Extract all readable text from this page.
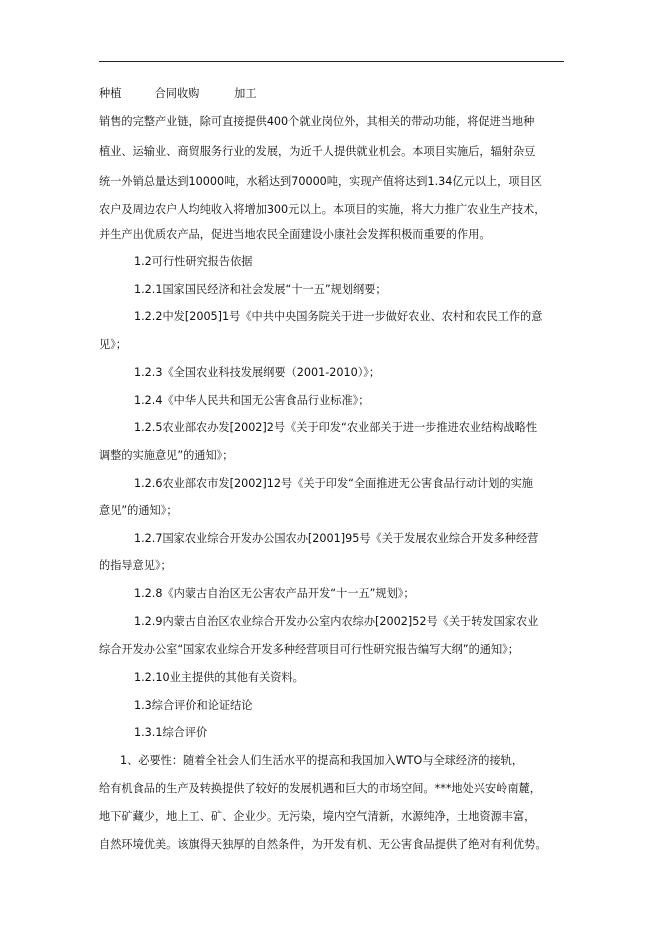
种植	合同收购	加工
销售的完整产业链，除可直接提供400个就业岗位外，其相关的带动功能，将促进当地种
植业、运输业、商贸服务行业的发展，为近千人提供就业机会。本项目实施后，辐射杂豆
统一外销总量达到10000吨，水稻达到70000吨，实现产值将达到1.34亿元以上，项目区
农户及周边农户人均纯收入将增加300元以上。本项目的实施，将大力推广农业生产技术，
并生产出优质农产品，促进当地农民全面建设小康社会发挥积极而重要的作用。
1.2可行性研究报告依据
1.2.1国家国民经济和社会发展“十一五”规划纲要；
1.2.2中发[2005]1号《中共中央国务院关于进一步做好农业、农村和农民工作的意
见》；
1.2.3《全国农业科技发展纲要（2001-2010）》；
1.2.4《中华人民共和国无公害食品行业标准》；
1.2.5农业部农办发[2002]2号《关于印发“农业部关于进一步推进农业结构战略性
调整的实施意见”的通知》；
1.2.6农业部农市发[2002]12号《关于印发“全面推进无公害食品行动计划的实施
意见”的通知》；
1.2.7国家农业综合开发办公国农办[2001]95号《关于发展农业综合开发多种经营
的指导意见》；
1.2.8《内蒙古自治区无公害农产品开发“十一五”规划》；
1.2.9内蒙古自治区农业综合开发办公室内农综办[2002]52号《关于转发国家农业
综合开发办公室“国家农业综合开发多种经营项目可行性研究报告编写大纲”的通知》；
1.2.10业主提供的其他有关资料。
1.3综合评价和论证结论
1.3.1综合评价
1、必要性：随着全社会人们生活水平的提高和我国加入WTO与全球经济的接轨，
给有机食品的生产及转换提供了较好的发展机遇和巨大的市场空间。***地处兴安岭南麓，
地下矿藏少，地上工、矿、企业少。无污染，境内空气清新，水源纯净，土地资源丰富，
自然环境优美。该旗得天独厚的自然条件，为开发有机、无公害食品提供了绝对有利优势。
